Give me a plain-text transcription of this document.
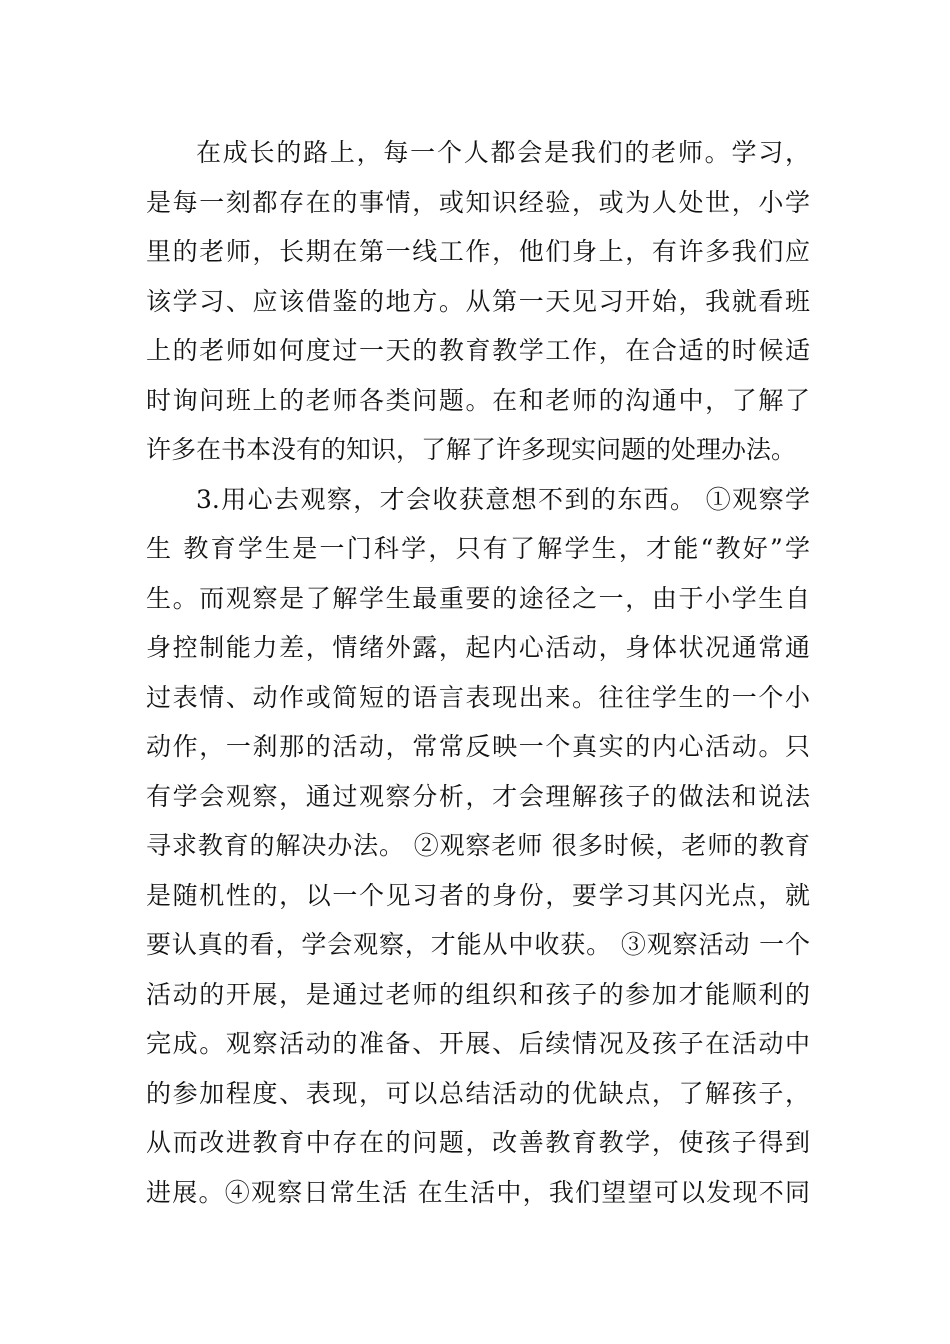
在成长的路上，每一个人都会是我们的老师。学习，
是每一刻都存在的事情，或知识经验，或为人处世，小学
里的老师，长期在第一线工作，他们身上，有许多我们应
该学习、应该借鉴的地方。从第一天见习开始，我就看班
上的老师如何度过一天的教育教学工作，在合适的时候适
时询问班上的老师各类问题。在和老师的沟通中，了解了
许多在书本没有的知识，了解了许多现实问题的处理办法。
3.用心去观察，才会收获意想不到的东西。 ①观察学
生 教育学生是一门科学，只有了解学生，才能“教好”学
生。而观察是了解学生最重要的途径之一，由于小学生自
身控制能力差，情绪外露，起内心活动，身体状况通常通
过表情、动作或简短的语言表现出来。往往学生的一个小
动作，一刹那的活动，常常反映一个真实的内心活动。只
有学会观察，通过观察分析，才会理解孩子的做法和说法
寻求教育的解决办法。 ②观察老师 很多时候，老师的教育
是随机性的，以一个见习者的身份，要学习其闪光点，就
要认真的看，学会观察，才能从中收获。 ③观察活动 一个
活动的开展，是通过老师的组织和孩子的参加才能顺利的
完成。观察活动的准备、开展、后续情况及孩子在活动中
的参加程度、表现，可以总结活动的优缺点，了解孩子，
从而改进教育中存在的问题，改善教育教学，使孩子得到
进展。④观察日常生活 在生活中，我们望望可以发现不同
